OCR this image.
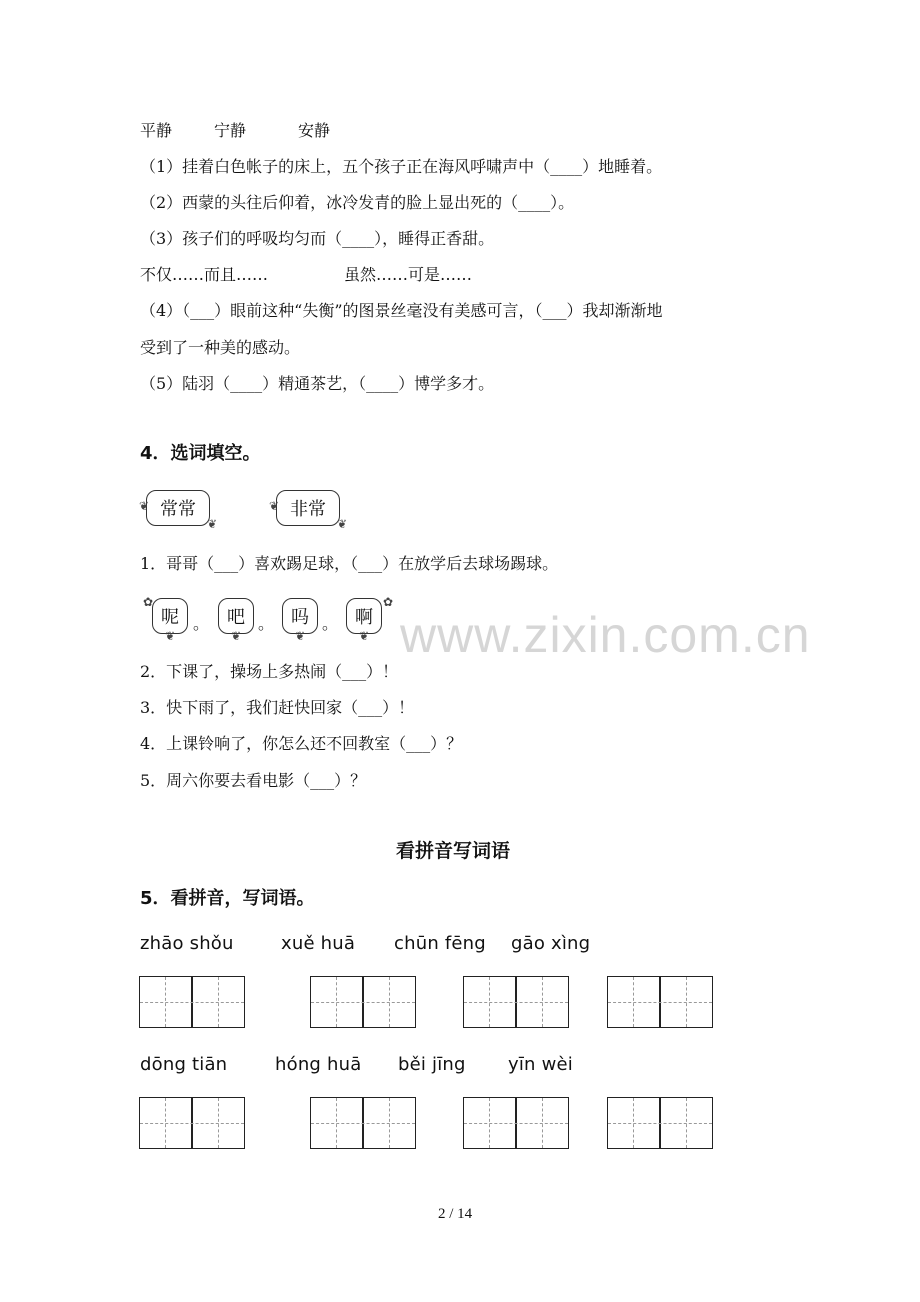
www.zixin.com.cn
平静	宁静	安静
（1）挂着白色帐子的床上，五个孩子正在海风呼啸声中（____）地睡着。
（2）西蒙的头往后仰着，冰冷发青的脸上显出死的（____）。
（3）孩子们的呼吸均匀而（____），睡得正香甜。
不仅……而且……	虽然……可是……
（4）（___）眼前这种“失衡”的图景丝毫没有美感可言，（___）我却渐渐地
受到了一种美的感动。
（5）陆羽（____）精通茶艺，（____）博学多才。
4．选词填空。
常常
❦
❦
非常
❦
❦
1．哥哥（___）喜欢踢足球，（___）在放学后去球场踢球。
呢
✿
❦
。 吧
❦
。 吗
❦
。 啊
✿
❦
2．下课了，操场上多热闹（___）！
3．快下雨了，我们赶快回家（___）！
4．上课铃响了，你怎么还不回教室（___）？
5．周六你要去看电影（___）？
看拼音写词语
5．看拼音，写词语。
zhāo shǒu	xuě huā chūn fēng gāo xìng
dōng tiān	hóng huā běi jīng yīn wèi
2 / 14
